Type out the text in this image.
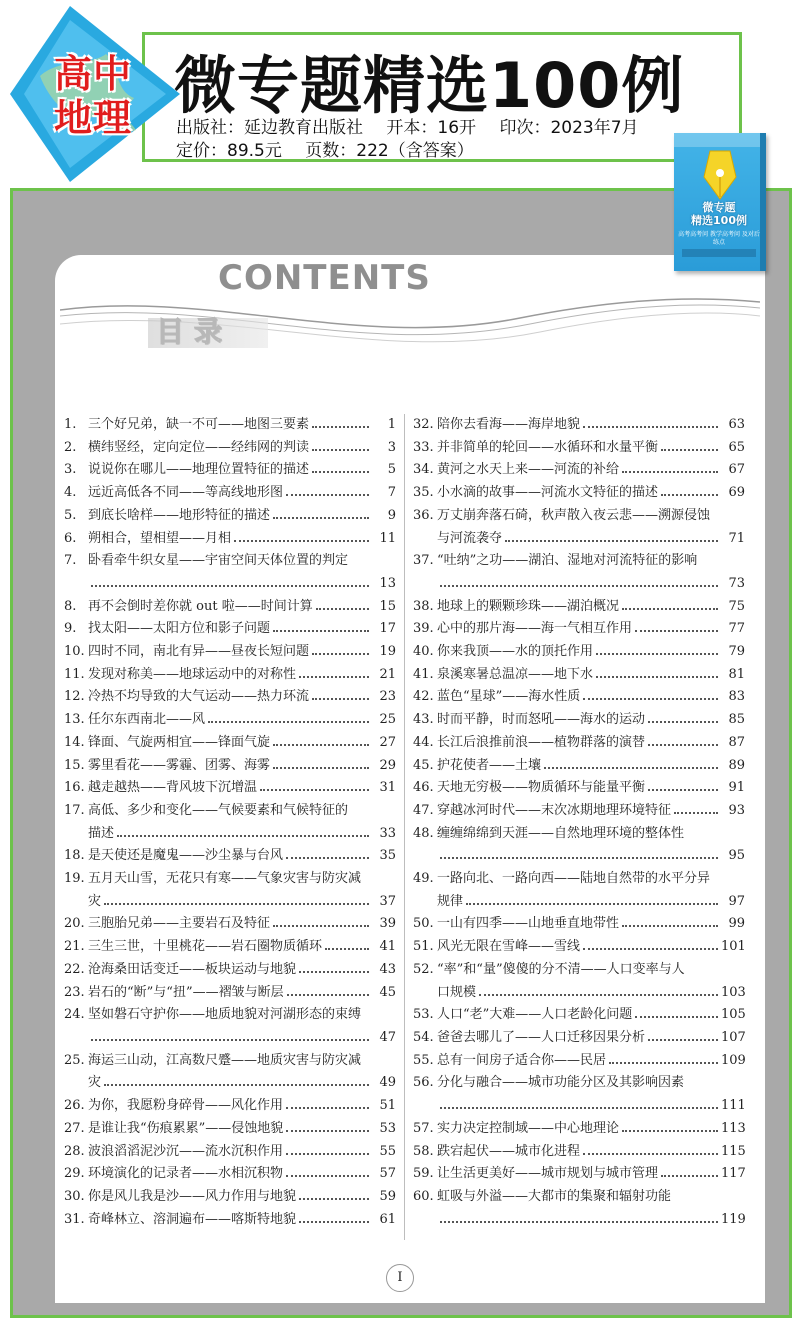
高中
地理 微专题精选100例
出版社：延边教育出版社 开本：16开 印次：2023年7月
定价：89.5元 页数：222（含答案）
微专题
精选100例
高考高考问 教学高考问 及对后练点
CONTENTS
目录
1. 三个好兄弟，缺一不可——地图三要素	1
2. 横纬竖经，定向定位——经纬网的判读	3
3. 说说你在哪儿——地理位置特征的描述	5
4. 远近高低各不同——等高线地形图	7
5. 到底长啥样——地形特征的描述	9
6. 朔相合，望相望——月相	11
7. 卧看牵牛织女星——宇宙空间天体位置的判定
13
8. 再不会倒时差你就 out 啦——时间计算	15
9. 找太阳——太阳方位和影子问题	17
10. 四时不同，南北有异——昼夜长短问题	19
11. 发现对称美——地球运动中的对称性	21
12. 冷热不均导致的大气运动——热力环流	23
13. 任尔东西南北——风	25
14. 锋面、气旋两相宜——锋面气旋	27
15. 雾里看花——雾霾、团雾、海雾	29
16. 越走越热——背风坡下沉增温	31
17. 高低、多少和变化——气候要素和气候特征的
描述	33
18. 是天使还是魔鬼——沙尘暴与台风	35
19. 五月天山雪，无花只有寒——气象灾害与防灾减
灾	37
20. 三胞胎兄弟——主要岩石及特征	39
21. 三生三世，十里桃花——岩石圈物质循环	41
22. 沧海桑田话变迁——板块运动与地貌	43
23. 岩石的“断”与“扭”——褶皱与断层	45
24. 坚如磐石守护你——地质地貌对河湖形态的束缚
47
25. 海运三山动，江高数尺蹙——地质灾害与防灾减
灾	49
26. 为你，我愿粉身碎骨——风化作用	51
27. 是谁让我“伤痕累累”——侵蚀地貌	53
28. 波浪滔滔泥沙沉——流水沉积作用	55
29. 环境演化的记录者——水相沉积物	57
30. 你是风儿我是沙——风力作用与地貌	59
31. 奇峰林立、溶洞遍布——喀斯特地貌	61
32. 陪你去看海——海岸地貌	63
33. 并非简单的轮回——水循环和水量平衡	65
34. 黄河之水天上来——河流的补给	67
35. 小水滴的故事——河流水文特征的描述	69
36. 万丈崩奔落石碕，秋声散入夜云悲——溯源侵蚀
与河流袭夺	71
37. “吐纳”之功——湖泊、湿地对河流特征的影响
73
38. 地球上的颗颗珍珠——湖泊概况	75
39. 心中的那片海——海一气相互作用	77
40. 你来我顶——水的顶托作用	79
41. 泉溪寒暑总温凉——地下水	81
42. 蓝色“星球”——海水性质	83
43. 时而平静，时而怒吼——海水的运动	85
44. 长江后浪推前浪——植物群落的演替	87
45. 护花使者——土壤	89
46. 天地无穷极——物质循环与能量平衡	91
47. 穿越冰河时代——末次冰期地理环境特征	93
48. 缠缠绵绵到天涯——自然地理环境的整体性
95
49. 一路向北、一路向西——陆地自然带的水平分异
规律	97
50. 一山有四季——山地垂直地带性	99
51. 风光无限在雪峰——雪线	101
52. “率”和“量”傻傻的分不清——人口变率与人
口规模	103
53. 人口“老”大难——人口老龄化问题	105
54. 爸爸去哪儿了——人口迁移因果分析	107
55. 总有一间房子适合你——民居	109
56. 分化与融合——城市功能分区及其影响因素
111
57. 实力决定控制域——中心地理论	113
58. 跌宕起伏——城市化进程	115
59. 让生活更美好——城市规划与城市管理	117
60. 虹吸与外溢——大都市的集聚和辐射功能
119
I
